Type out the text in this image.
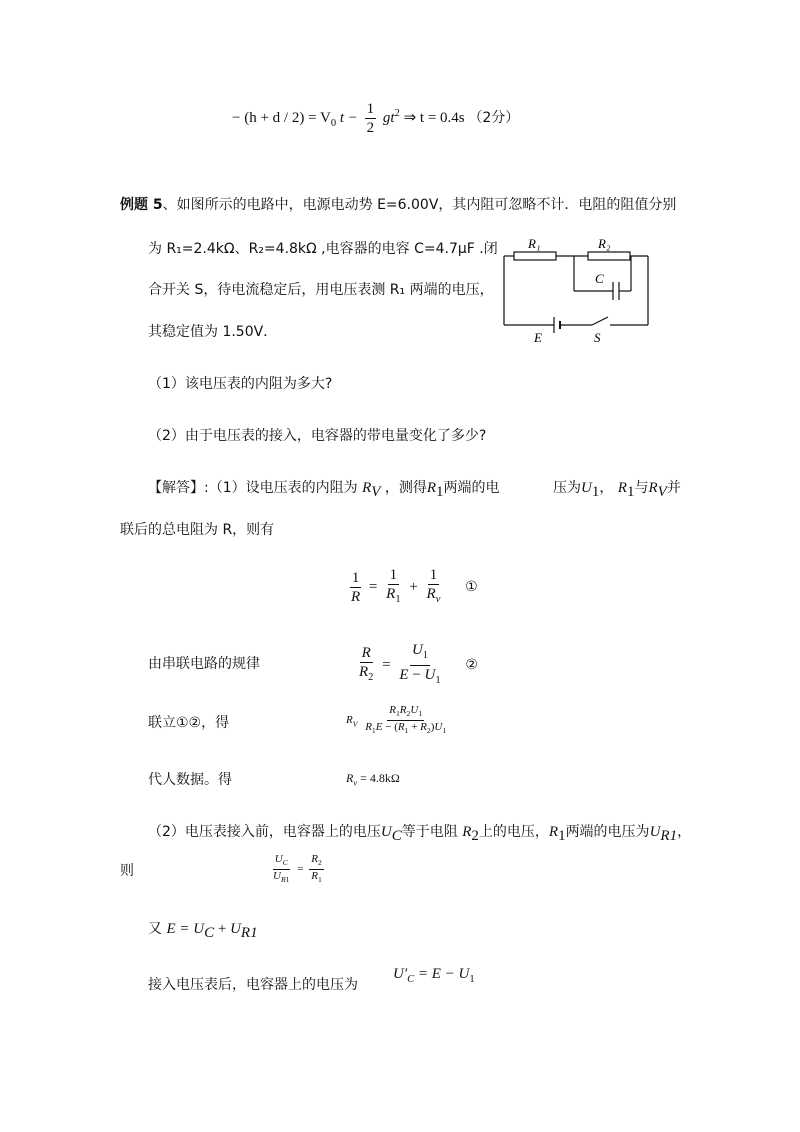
− $(h + d / 2) = V_0$ $t - \frac{1}{2} gt^2$ ⇒ t = 0.4s （2分）
例题 5、如图所示的电路中，电源电动势 E=6.00V，其内阻可忽略不计．电阻的阻值分别
为 R₁=2.4kΩ、R₂=4.8kΩ ,电容器的电容 C=4.7μF .闭
合开关 S，待电流稳定后，用电压表测 R₁ 两端的电压，
其稳定值为 1.50V．
R₁	R₂
C
E	S
（1）该电压表的内阻为多大?
（2）由于电压表的接入，电容器的带电量变化了多少?
【解答】:（1）设电压表的内阻为 $R_V$ ，测得$R_1$两端的电	压为$U_1$， $R_1$与$R_V$并
联后的总电阻为 R，则有
$\frac{1}{R} = \frac{1}{R_1} + \frac{1}{R_v}$ ①
由串联电路的规律	$\frac{R}{R_2} = \frac{U_1}{E - U_1}$ ②
联立①②，得	$R_V \frac{R_1R_2U_1}{R_1E - (R_1 + R_2)U_1}$
代人数据。得	$R_v = 4.8k\Omega$
（2）电压表接入前，电容器上的电压$U_C$等于电阻 $R_2$上的电压，$R_1$两端的电压为$U_{R1}$，
则	$\frac{U_C}{U_{R1}} = \frac{R_2}{R_1}$
又 $E = U_C + U_{R1}$
接入电压表后，电容器上的电压为
$U'_C = E - U_1$
